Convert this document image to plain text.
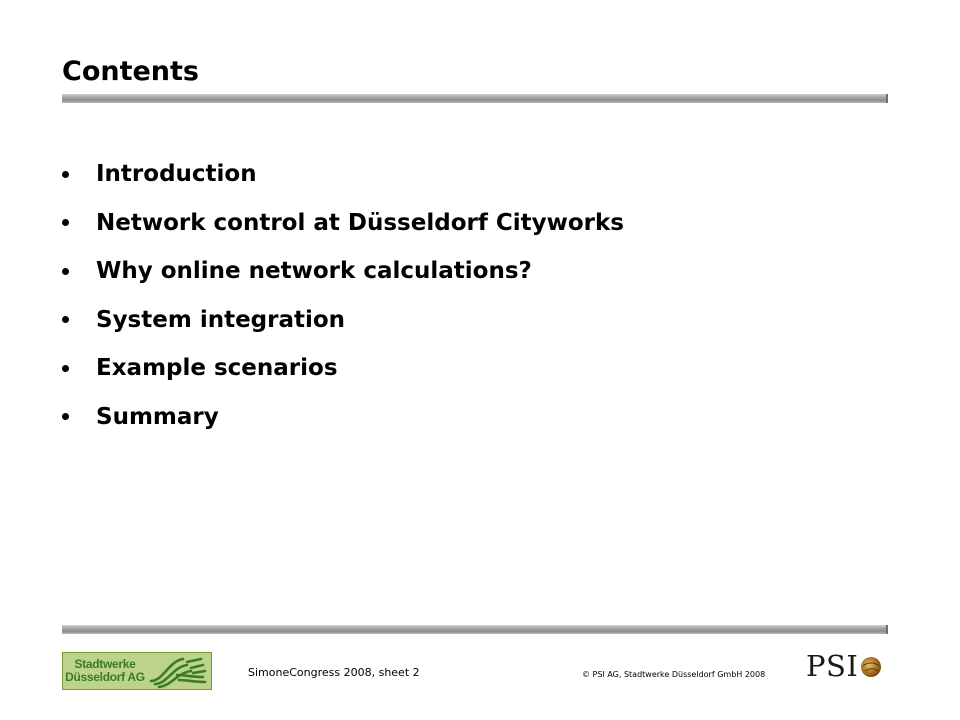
Contents
Introduction
Network control at Düsseldorf Cityworks
Why online network calculations?
System integration
Example scenarios
Summary
Stadtwerke
Düsseldorf AG	SimoneCongress 2008, sheet 2	© PSI AG, Stadtwerke Düsseldorf GmbH 2008	PSI
